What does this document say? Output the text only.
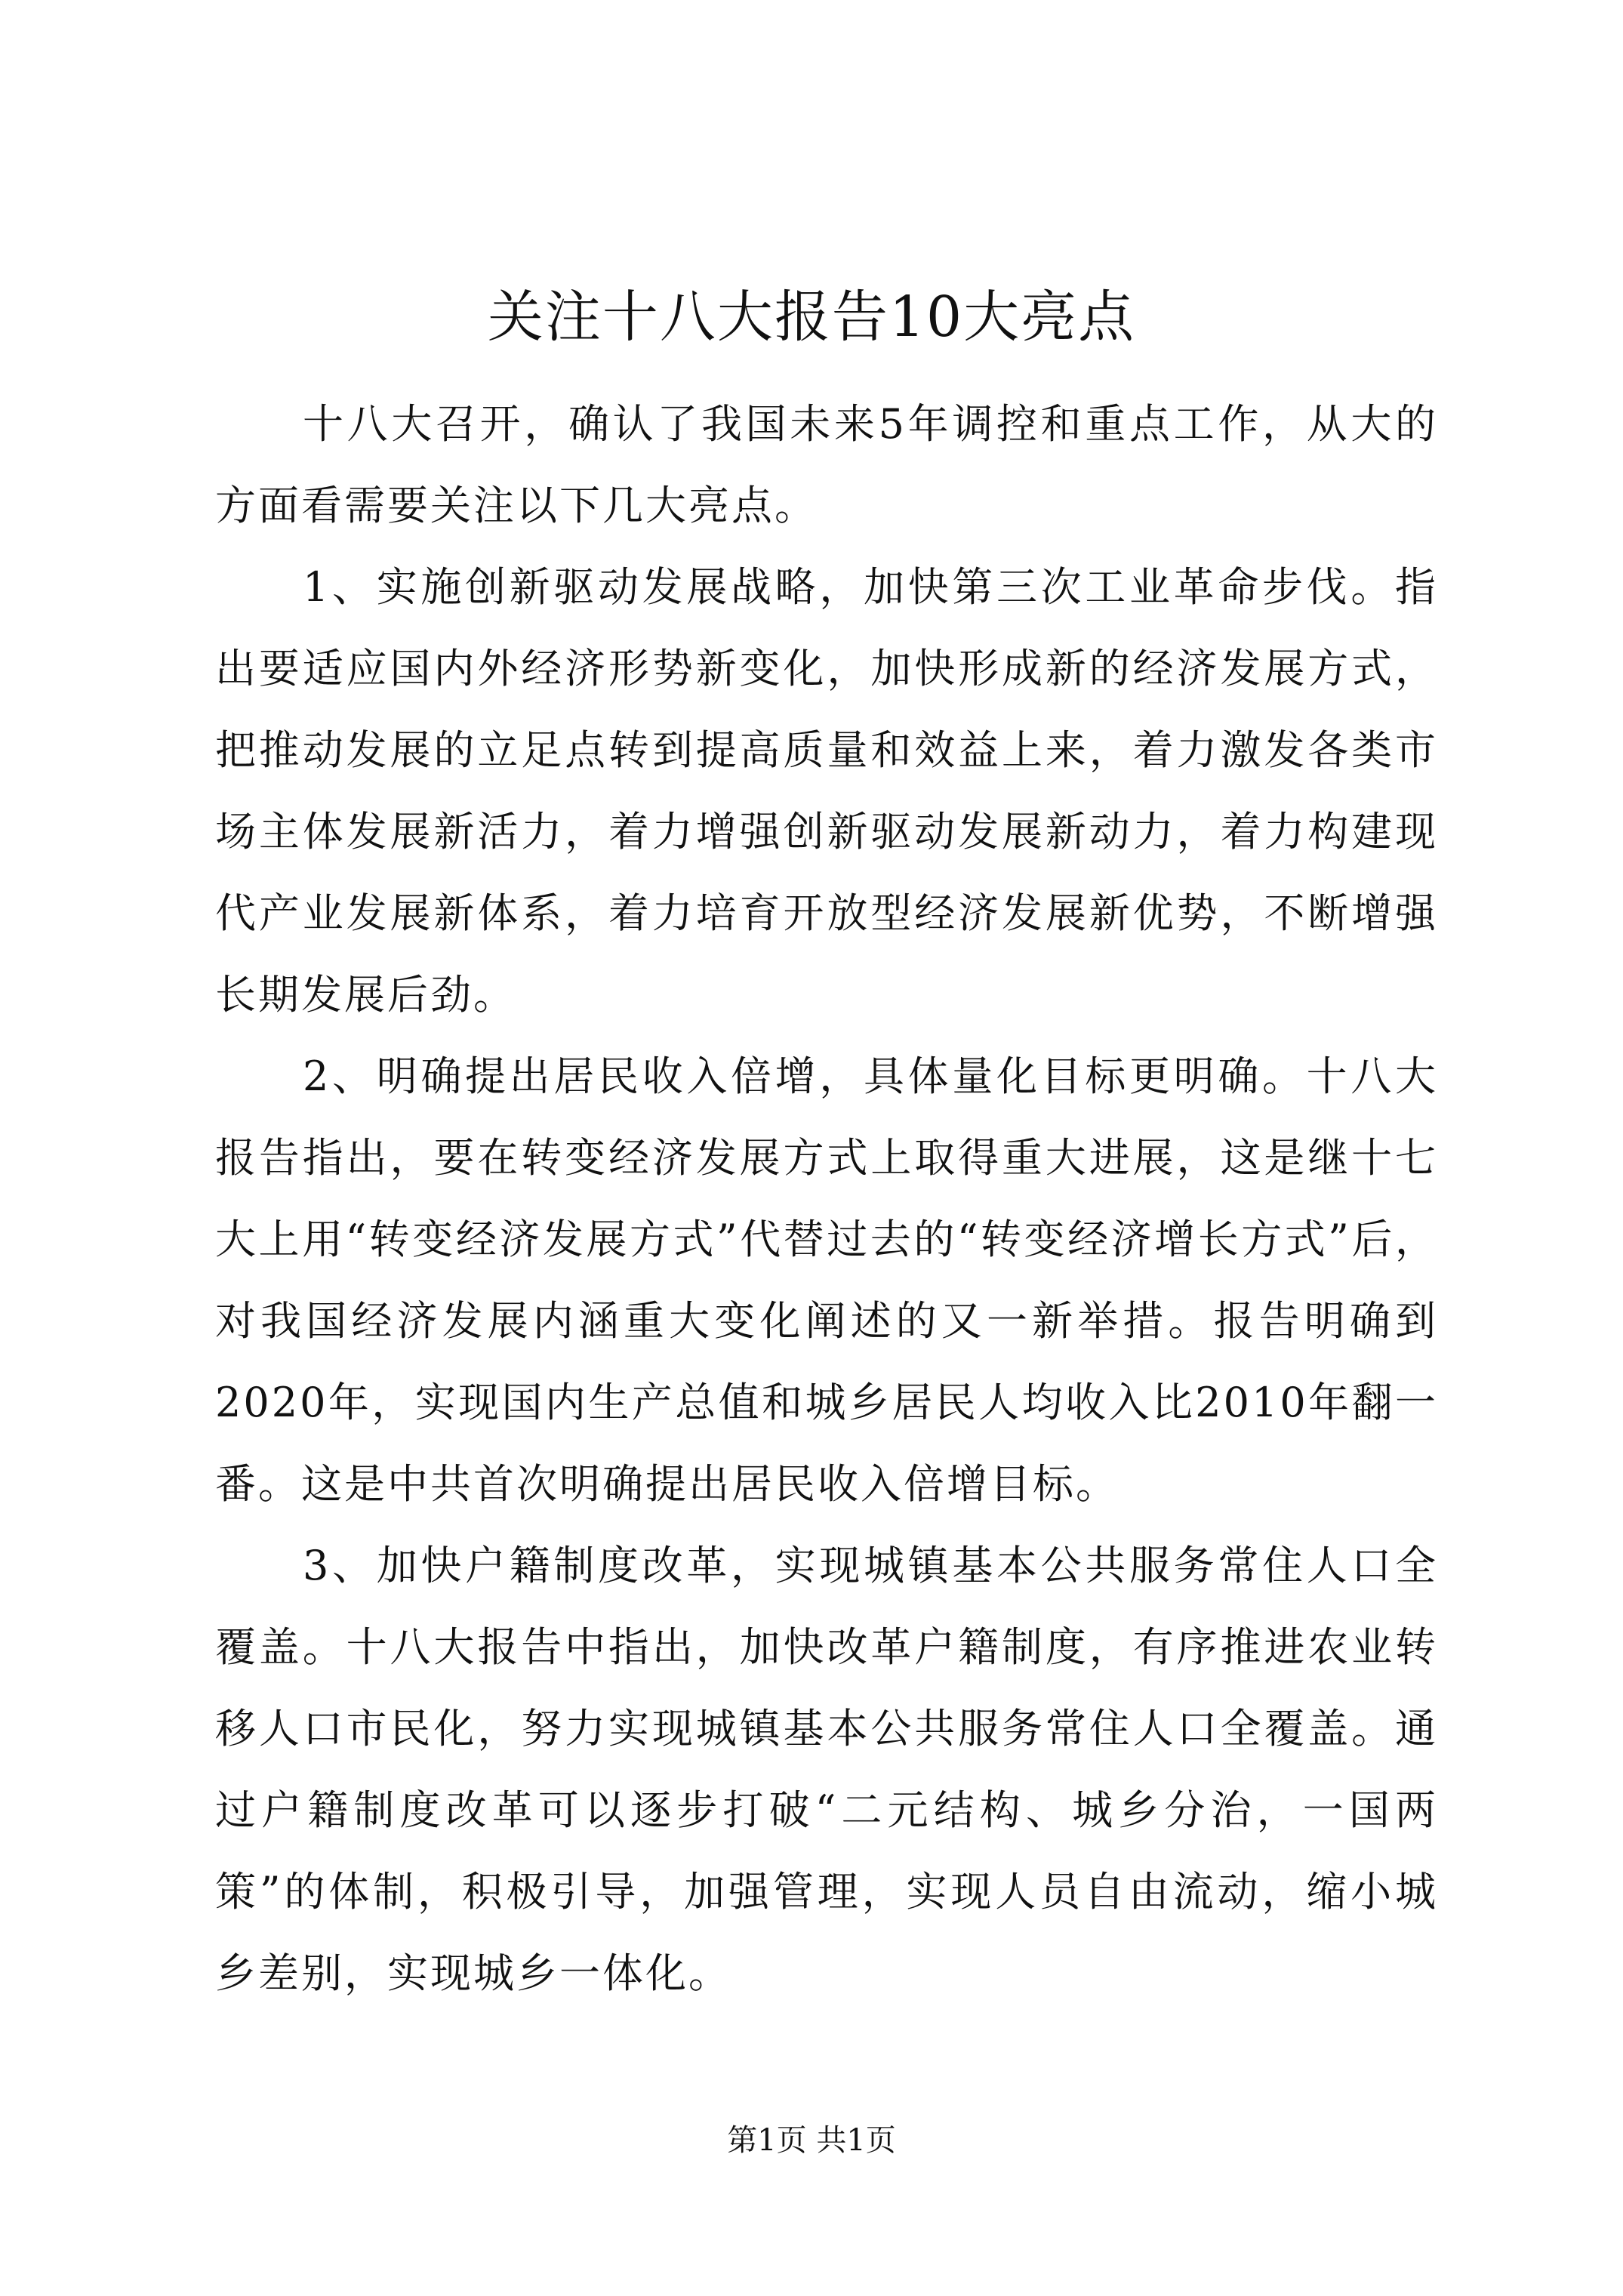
关注十八大报告10大亮点

十八大召开，确认了我国未来5年调控和重点工作，从大的方面看需要关注以下几大亮点。

1、实施创新驱动发展战略，加快第三次工业革命步伐。指出要适应国内外经济形势新变化，加快形成新的经济发展方式，把推动发展的立足点转到提高质量和效益上来，着力激发各类市场主体发展新活力，着力增强创新驱动发展新动力，着力构建现代产业发展新体系，着力培育开放型经济发展新优势，不断增强长期发展后劲。

2、明确提出居民收入倍增，具体量化目标更明确。十八大报告指出，要在转变经济发展方式上取得重大进展，这是继十七大上用“转变经济发展方式”代替过去的“转变经济增长方式”后，对我国经济发展内涵重大变化阐述的又一新举措。报告明确到2020年，实现国内生产总值和城乡居民人均收入比2010年翻一番。这是中共首次明确提出居民收入倍增目标。

3、加快户籍制度改革，实现城镇基本公共服务常住人口全覆盖。十八大报告中指出，加快改革户籍制度，有序推进农业转移人口市民化，努力实现城镇基本公共服务常住人口全覆盖。通过户籍制度改革可以逐步打破“二元结构、城乡分治，一国两策”的体制，积极引导，加强管理，实现人员自由流动，缩小城乡差别，实现城乡一体化。

第1页 共1页
